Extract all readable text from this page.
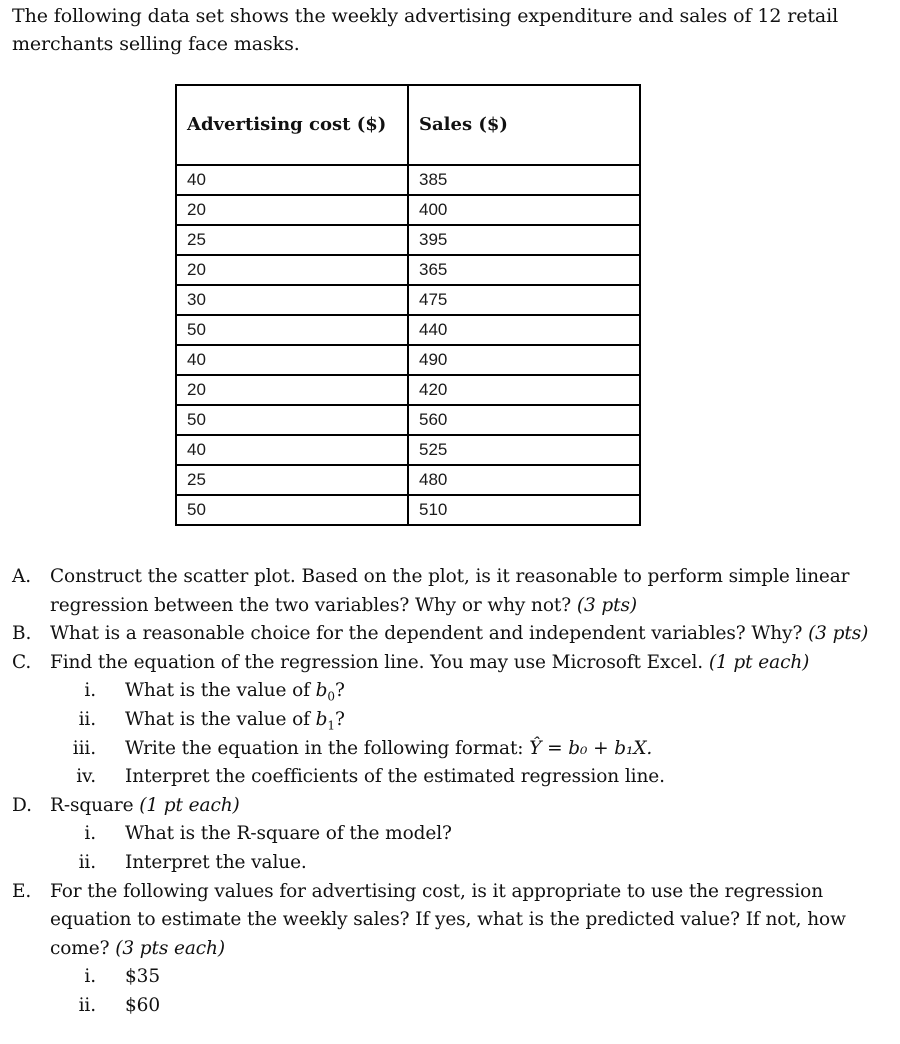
The following data set shows the weekly advertising expenditure and sales of 12 retail merchants selling face masks.
Advertising cost ($)	Sales ($)
40	385
20	400
25	395
20	365
30	475
50	440
40	490
20	420
50	560
40	525
25	480
50	510
A. Construct the scatter plot. Based on the plot, is it reasonable to perform simple linear regression between the two variables? Why or why not? (3 pts)
B. What is a reasonable choice for the dependent and independent variables? Why? (3 pts)
C. Find the equation of the regression line. You may use Microsoft Excel. (1 pt each)
i. What is the value of $b_0$?
ii. What is the value of $b_1$?
iii. Write the equation in the following format: Ŷ = b₀ + b₁X.
iv. Interpret the coefficients of the estimated regression line.
D. R-square (1 pt each)
i. What is the R-square of the model?
ii. Interpret the value.
E. For the following values for advertising cost, is it appropriate to use the regression equation to estimate the weekly sales? If yes, what is the predicted value? If not, how come? (3 pts each)
i. $35
ii. $60
